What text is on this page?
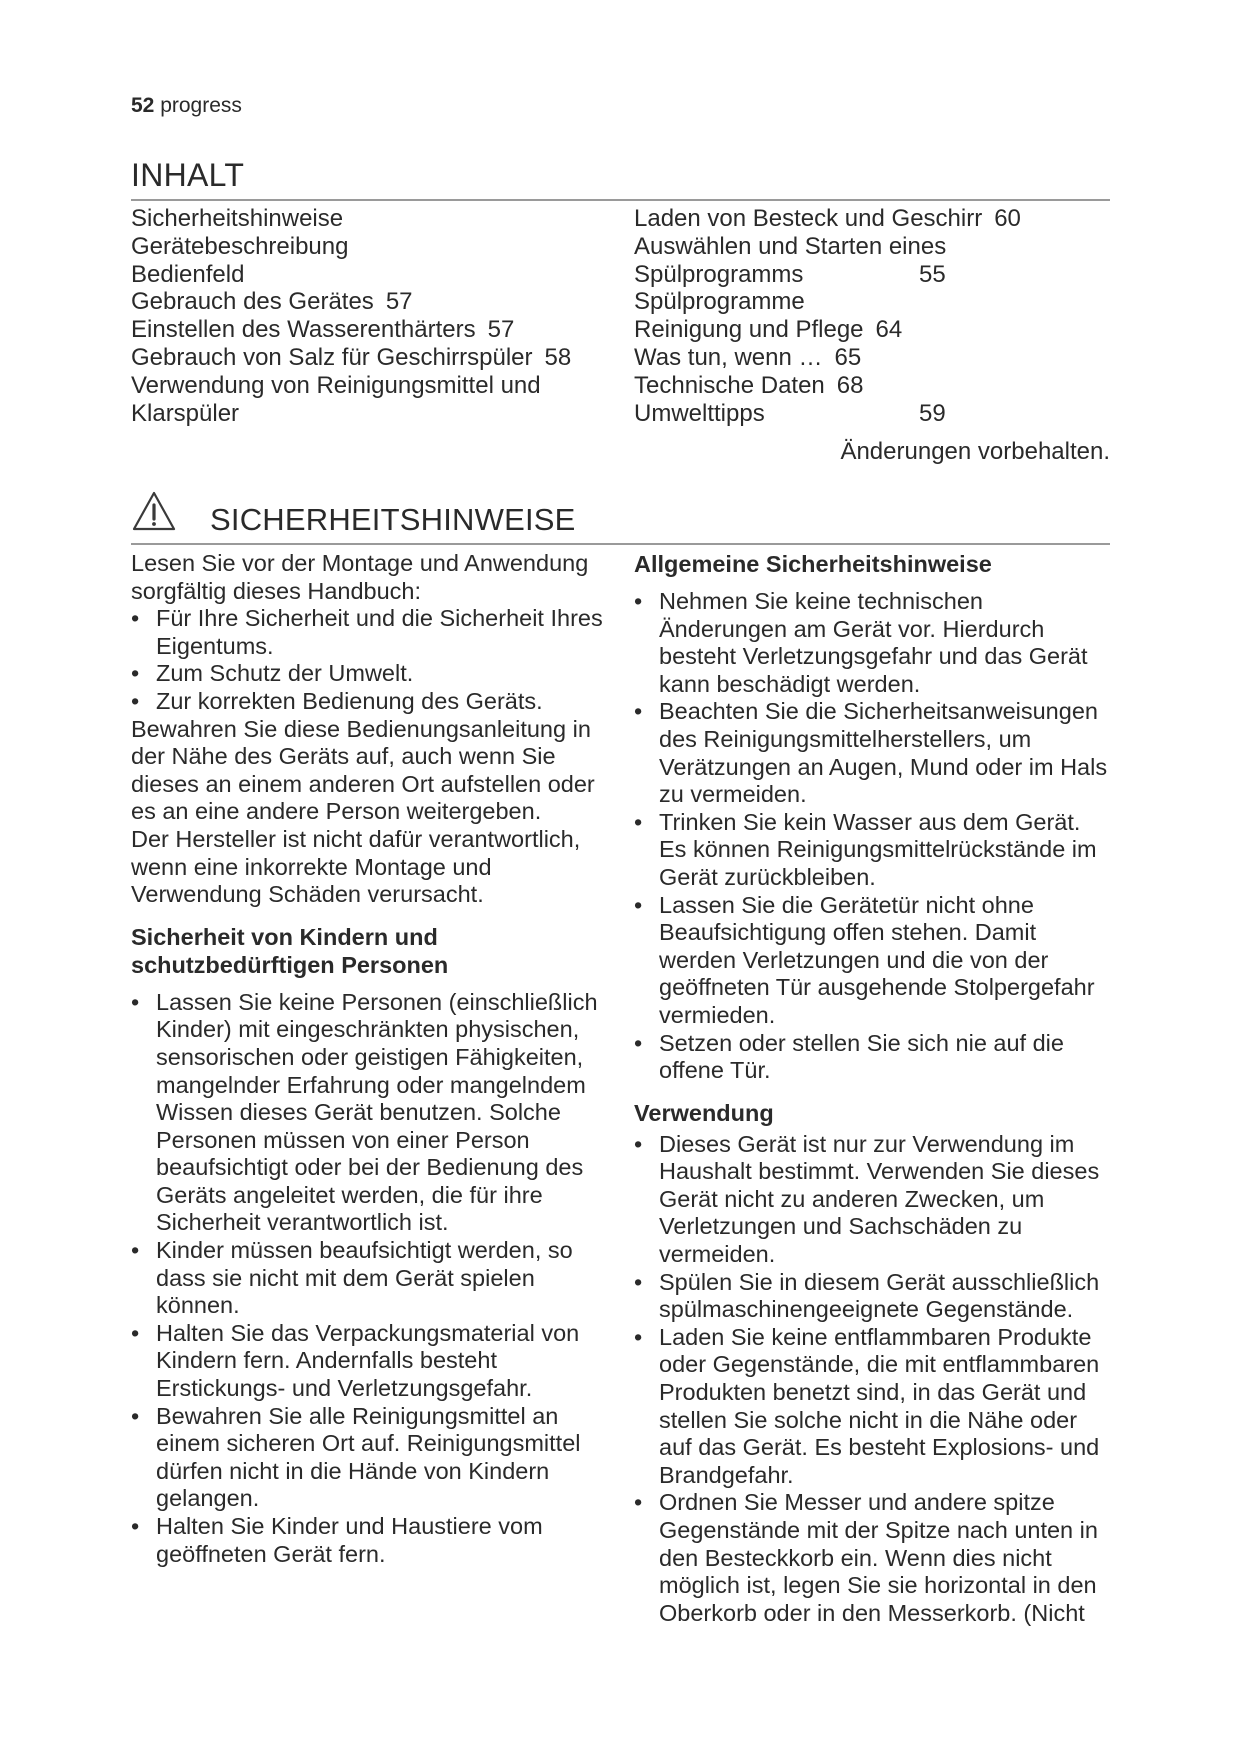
52 progress
INHALT
Sicherheitshinweise
Gerätebeschreibung
Bedienfeld
Gebrauch des Gerätes 57
Einstellen des Wasserenthärters 57
Gebrauch von Salz für Geschirrspüler 58
Verwendung von Reinigungsmittel und
Klarspüler
Laden von Besteck und Geschirr 60
Auswählen und Starten eines
Spülprogramms	55
Spülprogramme
Reinigung und Pflege 64
Was tun, wenn … 65
Technische Daten 68
Umwelttipps	59
Änderungen vorbehalten.
SICHERHEITSHINWEISE

Lesen Sie vor der Montage und Anwendung sorgfältig dieses Handbuch:

• Für Ihre Sicherheit und die Sicherheit Ihres Eigentums.
• Zum Schutz der Umwelt.
• Zur korrekten Bedienung des Geräts.

Bewahren Sie diese Bedienungsanleitung in der Nähe des Geräts auf, auch wenn Sie dieses an einem anderen Ort aufstellen oder es an eine andere Person weitergeben.

Der Hersteller ist nicht dafür verantwortlich, wenn eine inkorrekte Montage und Verwendung Schäden verursacht.

Sicherheit von Kindern und schutzbedürftigen Personen
• Lassen Sie keine Personen (einschließlich Kinder) mit eingeschränkten physischen, sensorischen oder geistigen Fähigkeiten, mangelnder Erfahrung oder mangelndem Wissen dieses Gerät benutzen. Solche Personen müssen von einer Person beaufsichtigt oder bei der Bedienung des Geräts angeleitet werden, die für ihre Sicherheit verantwortlich ist.
• Kinder müssen beaufsichtigt werden, so dass sie nicht mit dem Gerät spielen können.
• Halten Sie das Verpackungsmaterial von Kindern fern. Andernfalls besteht Erstickungs- und Verletzungsgefahr.
• Bewahren Sie alle Reinigungsmittel an einem sicheren Ort auf. Reinigungsmittel dürfen nicht in die Hände von Kindern gelangen.
• Halten Sie Kinder und Haustiere vom geöffneten Gerät fern.
Allgemeine Sicherheitshinweise
• Nehmen Sie keine technischen Änderungen am Gerät vor. Hierdurch besteht Verletzungsgefahr und das Gerät kann beschädigt werden.
• Beachten Sie die Sicherheitsanweisungen des Reinigungsmittelherstellers, um Verätzungen an Augen, Mund oder im Hals zu vermeiden.
• Trinken Sie kein Wasser aus dem Gerät. Es können Reinigungsmittelrückstände im Gerät zurückbleiben.
• Lassen Sie die Gerätetür nicht ohne Beaufsichtigung offen stehen. Damit werden Verletzungen und die von der geöffneten Tür ausgehende Stolpergefahr vermieden.
• Setzen oder stellen Sie sich nie auf die offene Tür.
Verwendung
• Dieses Gerät ist nur zur Verwendung im Haushalt bestimmt. Verwenden Sie dieses Gerät nicht zu anderen Zwecken, um Verletzungen und Sachschäden zu vermeiden.
• Spülen Sie in diesem Gerät ausschließlich spülmaschinengeeignete Gegenstände.
• Laden Sie keine entflammbaren Produkte oder Gegenstände, die mit entflammbaren Produkten benetzt sind, in das Gerät und stellen Sie solche nicht in die Nähe oder auf das Gerät. Es besteht Explosions- und Brandgefahr.
• Ordnen Sie Messer und andere spitze Gegenstände mit der Spitze nach unten in den Besteckkorb ein. Wenn dies nicht möglich ist, legen Sie sie horizontal in den Oberkorb oder in den Messerkorb. (Nicht
